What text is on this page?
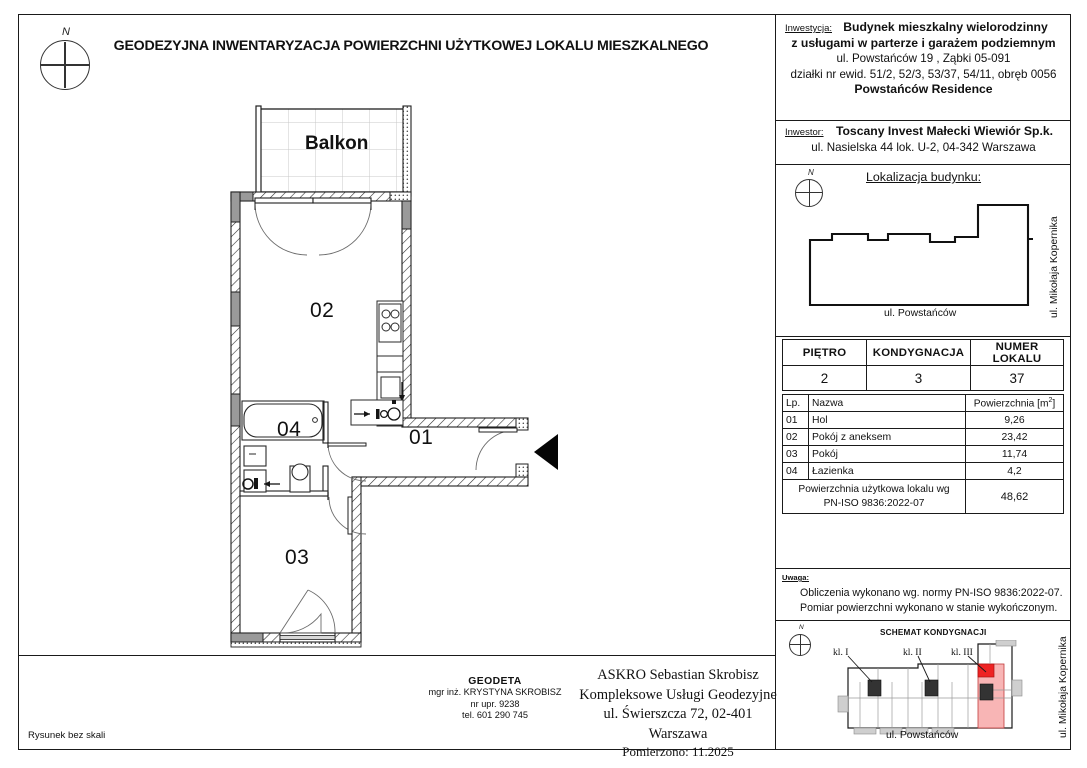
GEODEZYJNA INWENTARYZACJA POWIERZCHNI UŻYTKOWEJ LOKALU MIESZKALNEGO
N
Balkon
02
01
04
03
GEODETA
mgr inż. KRYSTYNA SKROBISZ
nr upr. 9238
tel. 601 290 745
ASKRO Sebastian Skrobisz
Kompleksowe Usługi Geodezyjne
ul. Świerszcza 72, 02-401 Warszawa
Pomierzono: 11.2025
Rysunek bez skali
Inwestycja: Budynek mieszkalny wielorodzinny
z usługami w parterze i garażem podziemnym
ul. Powstańców 19 , Ząbki 05-091
działki nr ewid. 51/2, 52/3, 53/37, 54/11, obręb 0056
Powstańców Residence
Inwestor:	Toscany Invest Małecki Wiewiór Sp.k.
ul. Nasielska 44 lok. U-2, 04-342 Warszawa
Lokalizacja budynku:
N
ul. Powstańców	ul. Mikołaja Kopernika
PIĘTRO	KONDYGNACJA	NUMER LOKALU
2	3	37
Lp.	Nazwa	Powierzchnia $[m^2]$
01	Hol	9,26
02	Pokój z aneksem	23,42
03	Pokój	11,74
04	Łazienka	4,2

Powierzchnia użytkowa lokalu wg
PN-ISO 9836:2022-07		48,62
Uwaga:
Obliczenia wykonano wg. normy PN-ISO 9836:2022-07.
Pomiar powierzchni wykonano w stanie wykończonym.
SCHEMAT KONDYGNACJI
N
kl. I	kl. II	kl. III
ul. Powstańców	ul. Mikołaja Kopernika
